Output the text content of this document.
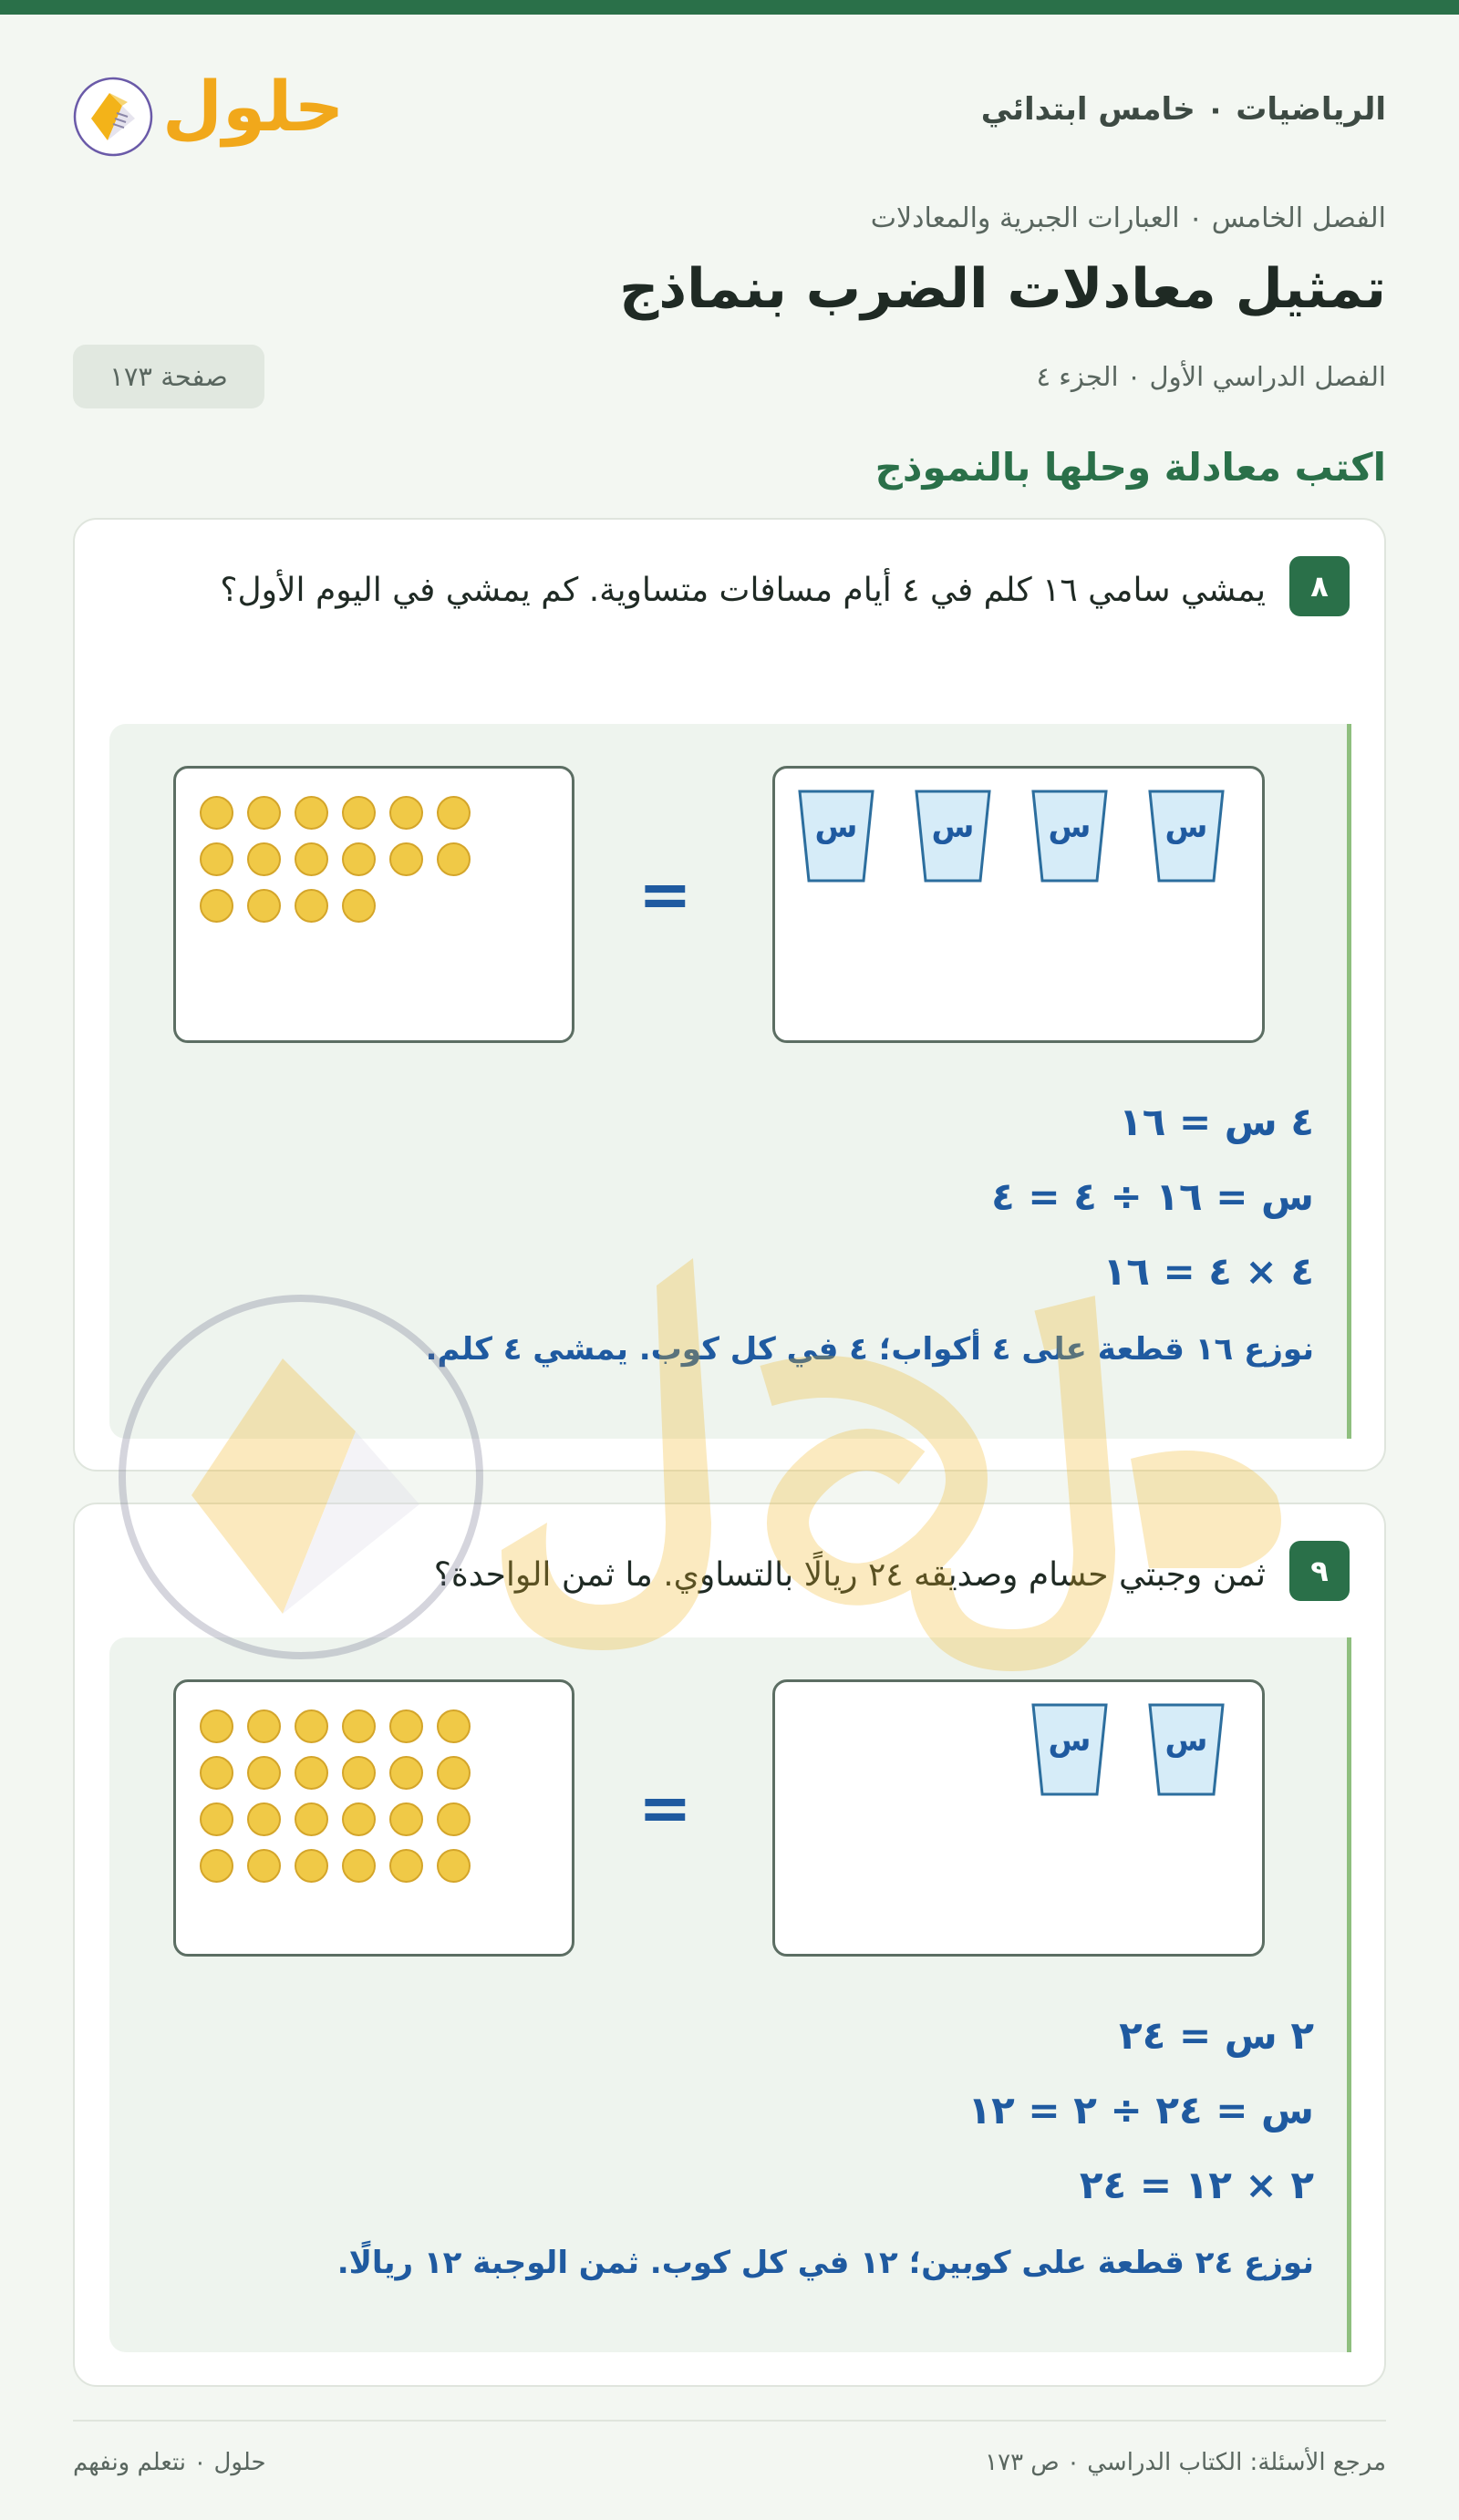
حلول	الرياضيات ٠ خامس ابتدائي
الفصل الخامس ٠ العبارات الجبرية والمعادلات
تمثيل معادلات الضرب بنماذج
الفصل الدراسي الأول ٠ الجزء ٤
صفحة ١٧٣
اكتب معادلة وحلها بالنموذج
٨
يمشي سامي ١٦ كلم في ٤ أيام مسافات متساوية. كم يمشي في اليوم الأول؟
س
س
س
س
=
٤ س = ١٦
س = ١٦ ÷ ٤ = ٤
٤ × ٤ = ١٦
نوزع ١٦ قطعة على ٤ أكواب؛ ٤ في كل كوب. يمشي ٤ كلم.
٩
ثمن وجبتي حسام وصديقه ٢٤ ريالًا بالتساوي. ما ثمن الواحدة؟
س
س
=
٢ س = ٢٤
س = ٢٤ ÷ ٢ = ١٢
٢ × ١٢ = ٢٤
نوزع ٢٤ قطعة على كوبين؛ ١٢ في كل كوب. ثمن الوجبة ١٢ ريالًا.
مرجع الأسئلة: الكتاب الدراسي ٠ ص ١٧٣
حلول ٠ نتعلم ونفهم
